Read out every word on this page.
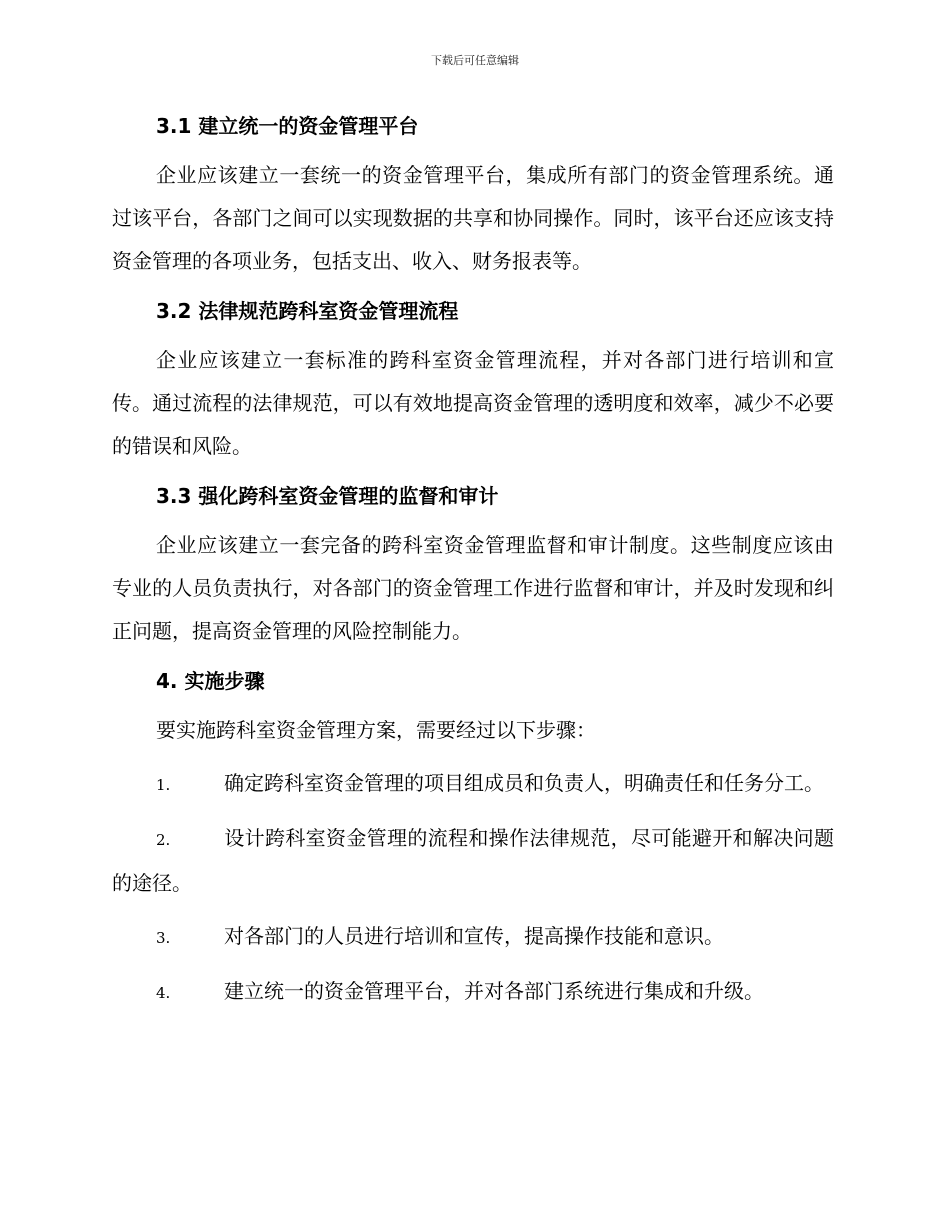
下载后可任意编辑

3.1 建立统一的资金管理平台

企业应该建立一套统一的资金管理平台，集成所有部门的资金管理系统。通过该平台，各部门之间可以实现数据的共享和协同操作。同时，该平台还应该支持资金管理的各项业务，包括支出、收入、财务报表等。

3.2 法律规范跨科室资金管理流程

企业应该建立一套标准的跨科室资金管理流程，并对各部门进行培训和宣传。通过流程的法律规范，可以有效地提高资金管理的透明度和效率，减少不必要的错误和风险。

3.3 强化跨科室资金管理的监督和审计

企业应该建立一套完备的跨科室资金管理监督和审计制度。这些制度应该由专业的人员负责执行，对各部门的资金管理工作进行监督和审计，并及时发现和纠正问题，提高资金管理的风险控制能力。

4. 实施步骤

要实施跨科室资金管理方案，需要经过以下步骤：

1.	确定跨科室资金管理的项目组成员和负责人，明确责任和任务分工。

2.	设计跨科室资金管理的流程和操作法律规范，尽可能避开和解决问题的途径。

3.	对各部门的人员进行培训和宣传，提高操作技能和意识。

4.	建立统一的资金管理平台，并对各部门系统进行集成和升级。
